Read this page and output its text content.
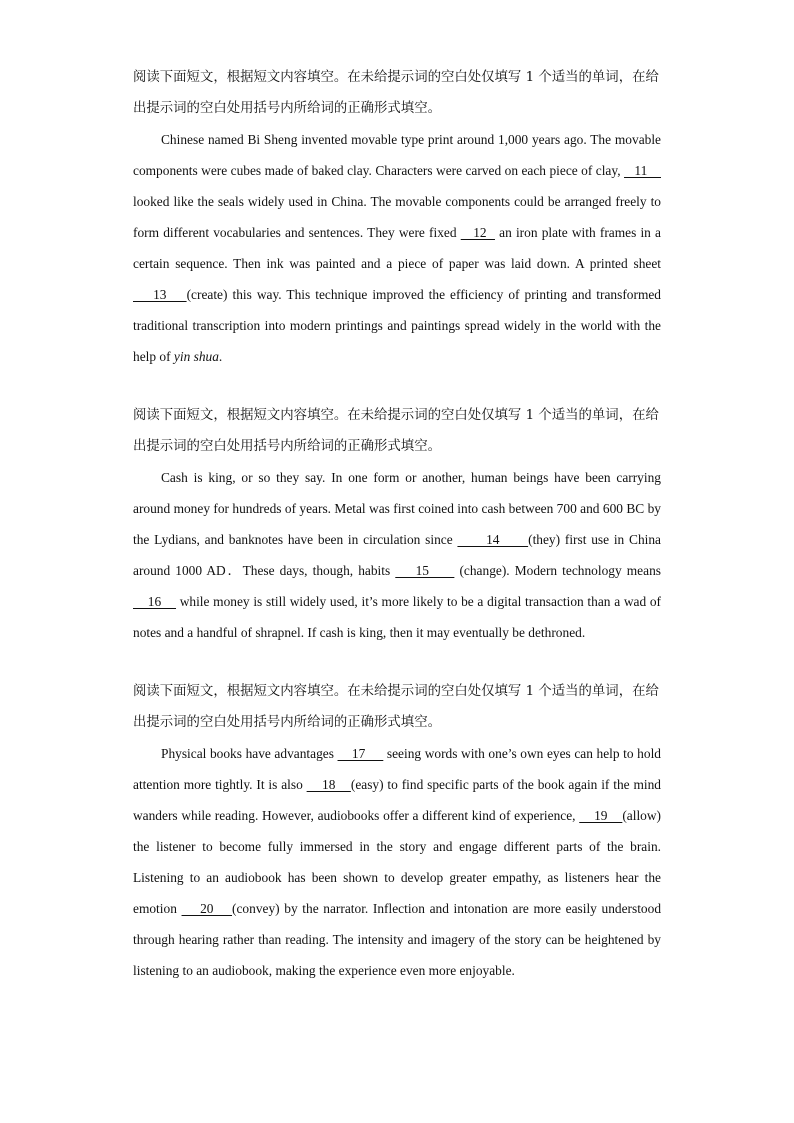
阅读下面短文，根据短文内容填空。在未给提示词的空白处仅填写 1 个适当的单词，在给出提示词的空白处用括号内所给词的正确形式填空。

Chinese named Bi Sheng invented movable type print around 1,000 years ago. The movable components were cubes made of baked clay. Characters were carved on each piece of clay,    11     looked like the seals widely used in China. The movable components could be arranged freely to form different vocabularies and sentences. They were fixed    12   an iron plate with frames in a certain sequence. Then ink was painted and a piece of paper was laid down. A printed sheet     13    (create) this way. This technique improved the efficiency of printing and transformed traditional transcription into modern printings and paintings spread widely in the world with the help of yin shua.

阅读下面短文，根据短文内容填空。在未给提示词的空白处仅填写 1 个适当的单词，在给出提示词的空白处用括号内所给词的正确形式填空。

Cash is king, or so they say. In one form or another, human beings have been carrying around money for hundreds of years. Metal was first coined into cash between 700 and 600 BC by the Lydians, and banknotes have been in circulation since       14      (they) first use in China around 1000 AD．These days, though, habits     15      (change). Modern technology means     16     while money is still widely used, it’s more likely to be a digital transaction than a wad of notes and a handful of shrapnel. If cash is king, then it may eventually be dethroned.

阅读下面短文，根据短文内容填空。在未给提示词的空白处仅填写 1 个适当的单词，在给出提示词的空白处用括号内所给词的正确形式填空。

Physical books have advantages     17      seeing words with one’s own eyes can help to hold attention more tightly. It is also     18    (easy) to find specific parts of the book again if the mind wanders while reading. However, audiobooks offer a different kind of experience,     19    (allow) the listener to become fully immersed in the story and engage different parts of the brain. Listening to an audiobook has been shown to develop greater empathy, as listeners hear the emotion     20    (convey) by the narrator. Inflection and intonation are more easily understood through hearing rather than reading. The intensity and imagery of the story can be heightened by listening to an audiobook, making the experience even more enjoyable.
